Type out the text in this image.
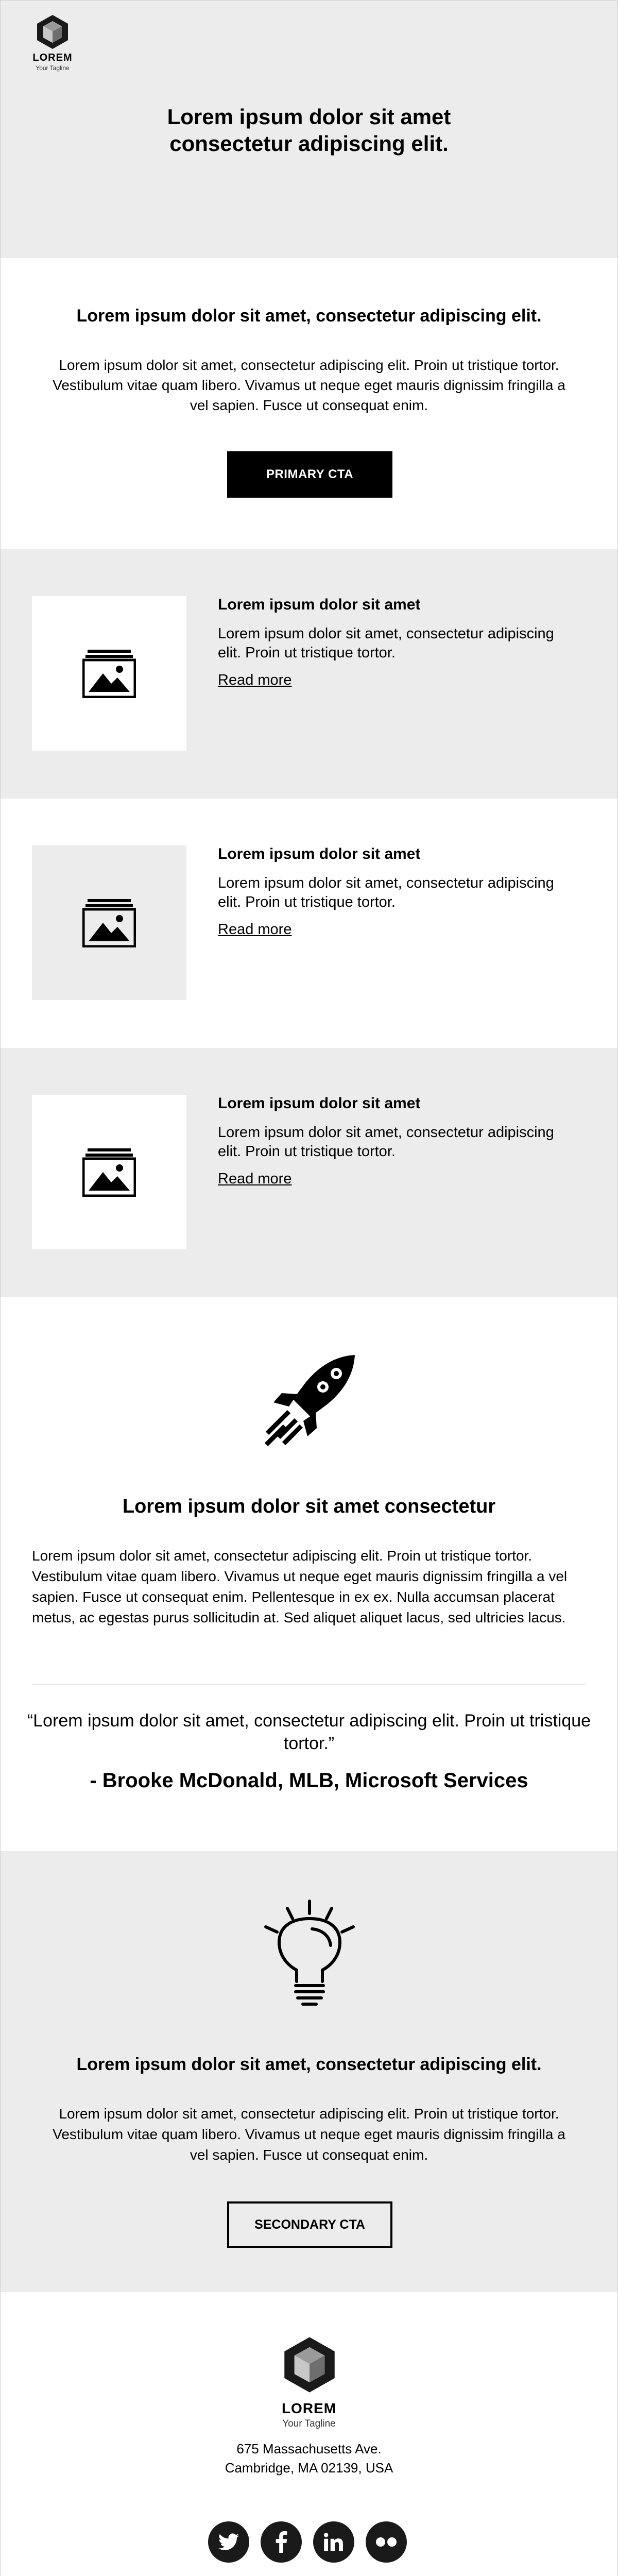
LOREM
Your Tagline
Lorem ipsum dolor sit amet
consectetur adipiscing elit.
Lorem ipsum dolor sit amet, consectetur adipiscing elit.

Lorem ipsum dolor sit amet, consectetur adipiscing elit. Proin ut tristique tortor. Vestibulum vitae quam libero. Vivamus ut neque eget mauris dignissim fringilla a vel sapien. Fusce ut consequat enim.

PRIMARY CTA
Lorem ipsum dolor sit amet

Lorem ipsum dolor sit amet, consectetur adipiscing elit. Proin ut tristique tortor.

Read more
Lorem ipsum dolor sit amet

Lorem ipsum dolor sit amet, consectetur adipiscing elit. Proin ut tristique tortor.

Read more
Lorem ipsum dolor sit amet

Lorem ipsum dolor sit amet, consectetur adipiscing elit. Proin ut tristique tortor.

Read more
Lorem ipsum dolor sit amet consectetur

Lorem ipsum dolor sit amet, consectetur adipiscing elit. Proin ut tristique tortor. Vestibulum vitae quam libero. Vivamus ut neque eget mauris dignissim fringilla a vel sapien. Fusce ut consequat enim. Pellentesque in ex ex. Nulla accumsan placerat metus, ac egestas purus sollicitudin at. Sed aliquet aliquet lacus, sed ultricies lacus.

“Lorem ipsum dolor sit amet, consectetur adipiscing elit. Proin ut tristique tortor.”

- Brooke McDonald, MLB, Microsoft Services

Lorem ipsum dolor sit amet, consectetur adipiscing elit.

Lorem ipsum dolor sit amet, consectetur adipiscing elit. Proin ut tristique tortor. Vestibulum vitae quam libero. Vivamus ut neque eget mauris dignissim fringilla a vel sapien. Fusce ut consequat enim.

SECONDARY CTA
LOREM
Your Tagline
675 Massachusetts Ave.
Cambridge, MA 02139, USA
